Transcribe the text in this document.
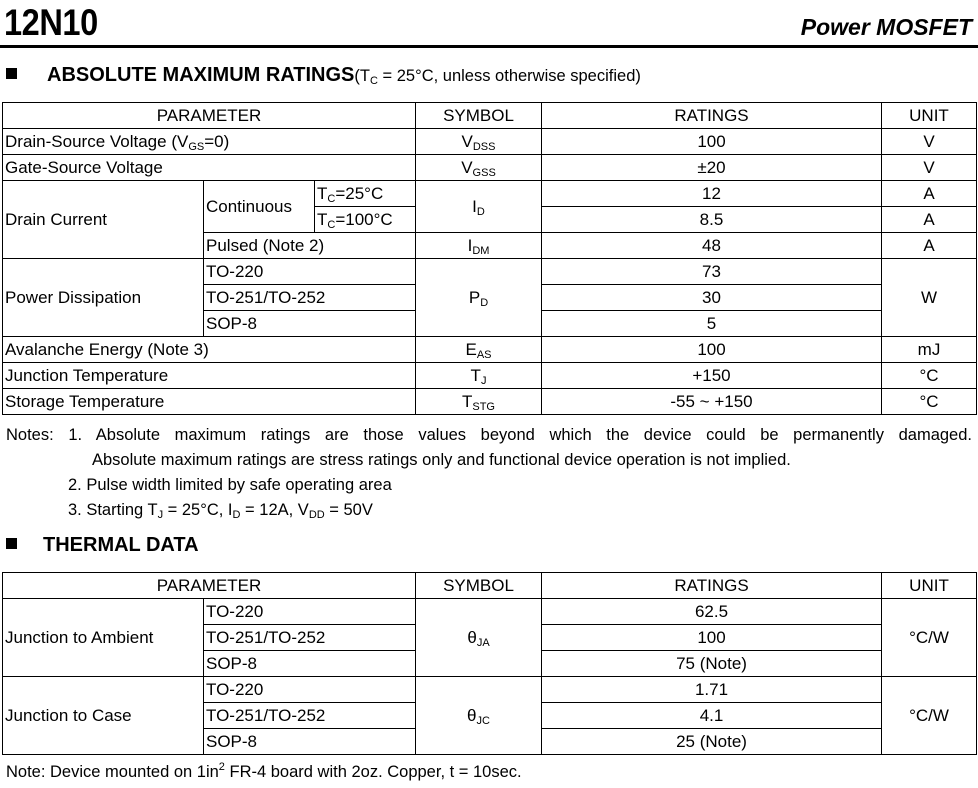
12N10	Power MOSFET
ABSOLUTE MAXIMUM $RATINGS(T_C = 25^\circ C$, unless otherwise specified)
PARAMETER			SYMBOL	RATINGS	UNIT
Drain-Source Voltage $(V_{GS}=0)$			$V_{DSS}$	100	V
Gate-Source Voltage			$V_{GSS}$	±20	V
Drain Current	Continuous	$T_C=25^\circ C$	$I_D$	12	A
		$T_C=100^\circ C$		8.5	A
	Pulsed (Note 2)		$I_{DM}$	48	A
Power Dissipation	TO-220		$P_D$	73	W
	TO-251/TO-252			30	
	SOP-8			5	
Avalanche Energy (Note 3)			$E_{AS}$	100	mJ
Junction Temperature			$T_J$	+150	°C
Storage Temperature			$T_{STG}$	-55 ~ +150	°C
Notes: 1. Absolute maximum ratings are those values beyond which the device could be permanently damaged.
Absolute maximum ratings are stress ratings only and functional device operation is not implied.
2. Pulse width limited by safe operating area
3. Starting $T_J = 25^\circ C$, $I_D = 12A$, $V_{DD} = 50V$
THERMAL DATA
PARAMETER		SYMBOL	RATINGS	UNIT
Junction to Ambient	TO-220	$\theta_{JA}$	62.5	°C/W
	TO-251/TO-252		100	
	SOP-8		75 (Note)	
Junction to Case	TO-220	$\theta_{JC}$	1.71	°C/W
	TO-251/TO-252		4.1	
	SOP-8		25 (Note)	
Note: Device mounted on $1in^2$ FR-4 board with 2oz. Copper, t = 10sec.
